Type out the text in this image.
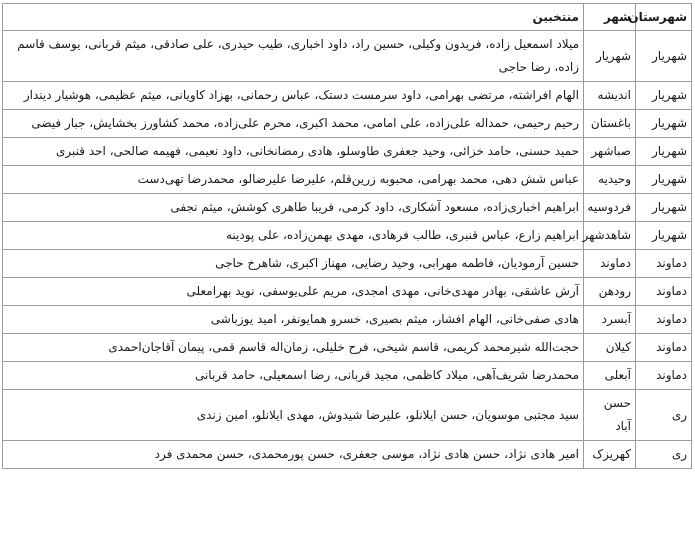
شهرستان	شهر	منتخبین
شهریار	شهریار	میلاد اسمعیل زاده، فریدون وکیلی، حسین راد، داود اخباری، طیب حیدری، علی صادقی، میثم قربانی، یوسف قاسم زاده، رضا حاجی
شهریار	اندیشه	الهام افراشته، مرتضی بهرامی، داود سرمست دستک، عباس رحمانی، بهزاد کاویانی، میثم عظیمی، هوشیار دیندار
شهریار	باغستان	رحیم رحیمی، حمداله علی‌زاده، علی امامی، محمد اکبری، محرم علی‌زاده، محمد کشاورز بخشایش، جبار فیضی
شهریار	صباشهر	حمید حسنی، حامد خزائی، وحید جعفری طاوسلو، هادی رمضانخانی، داود نعیمی، فهیمه صالحی، احد قنبری
شهریار	وحیدیه	عباس شش دهی، محمد بهرامی، محبوبه زرین‌قلم، علیرضا علیرضالو، محمدرضا تهی‌دست
شهریار	فردوسیه	ابراهیم اخباری‌زاده، مسعود آشکاری، داود کرمی، فریبا طاهری کوشش، میثم نجفی
شهریار	شاهدشهر	ابراهیم زارع، عباس قنبری، طالب فرهادی، مهدی بهمن‌زاده، علی پودینه
دماوند	دماوند	حسین آرمودیان، فاطمه مهرابی، وحید رضایی، مهناز اکبری، شاهرخ حاجی
دماوند	رودهن	آرش عاشقی، بهادر مهدی‌خانی، مهدی امجدی، مریم علی‌یوسفی، نوید بهرامعلی
دماوند	آبسرد	هادی صفی‌خانی، الهام افشار، میثم بصیری، خسرو همایونفر، امید یوزباشی
دماوند	کیلان	حجت‌الله شیرمحمد کریمی، قاسم شیخی، فرح خلیلی، زمان‌اله قاسم قمی، پیمان آقاجان‌احمدی
دماوند	آبعلی	محمدرضا شریف‌آهی، میلاد کاظمی، مجید قربانی، رضا اسمعیلی، حامد قربانی
ری	حسن آباد	سید مجتبی موسویان، حسن ایلانلو، علیرضا شیدوش، مهدی ایلانلو، امین زندی
ری	کهریزک	امیر هادی نژاد، حسن هادی نژاد، موسی جعفری، حسن پورمحمدی، حسن محمدی فرد
